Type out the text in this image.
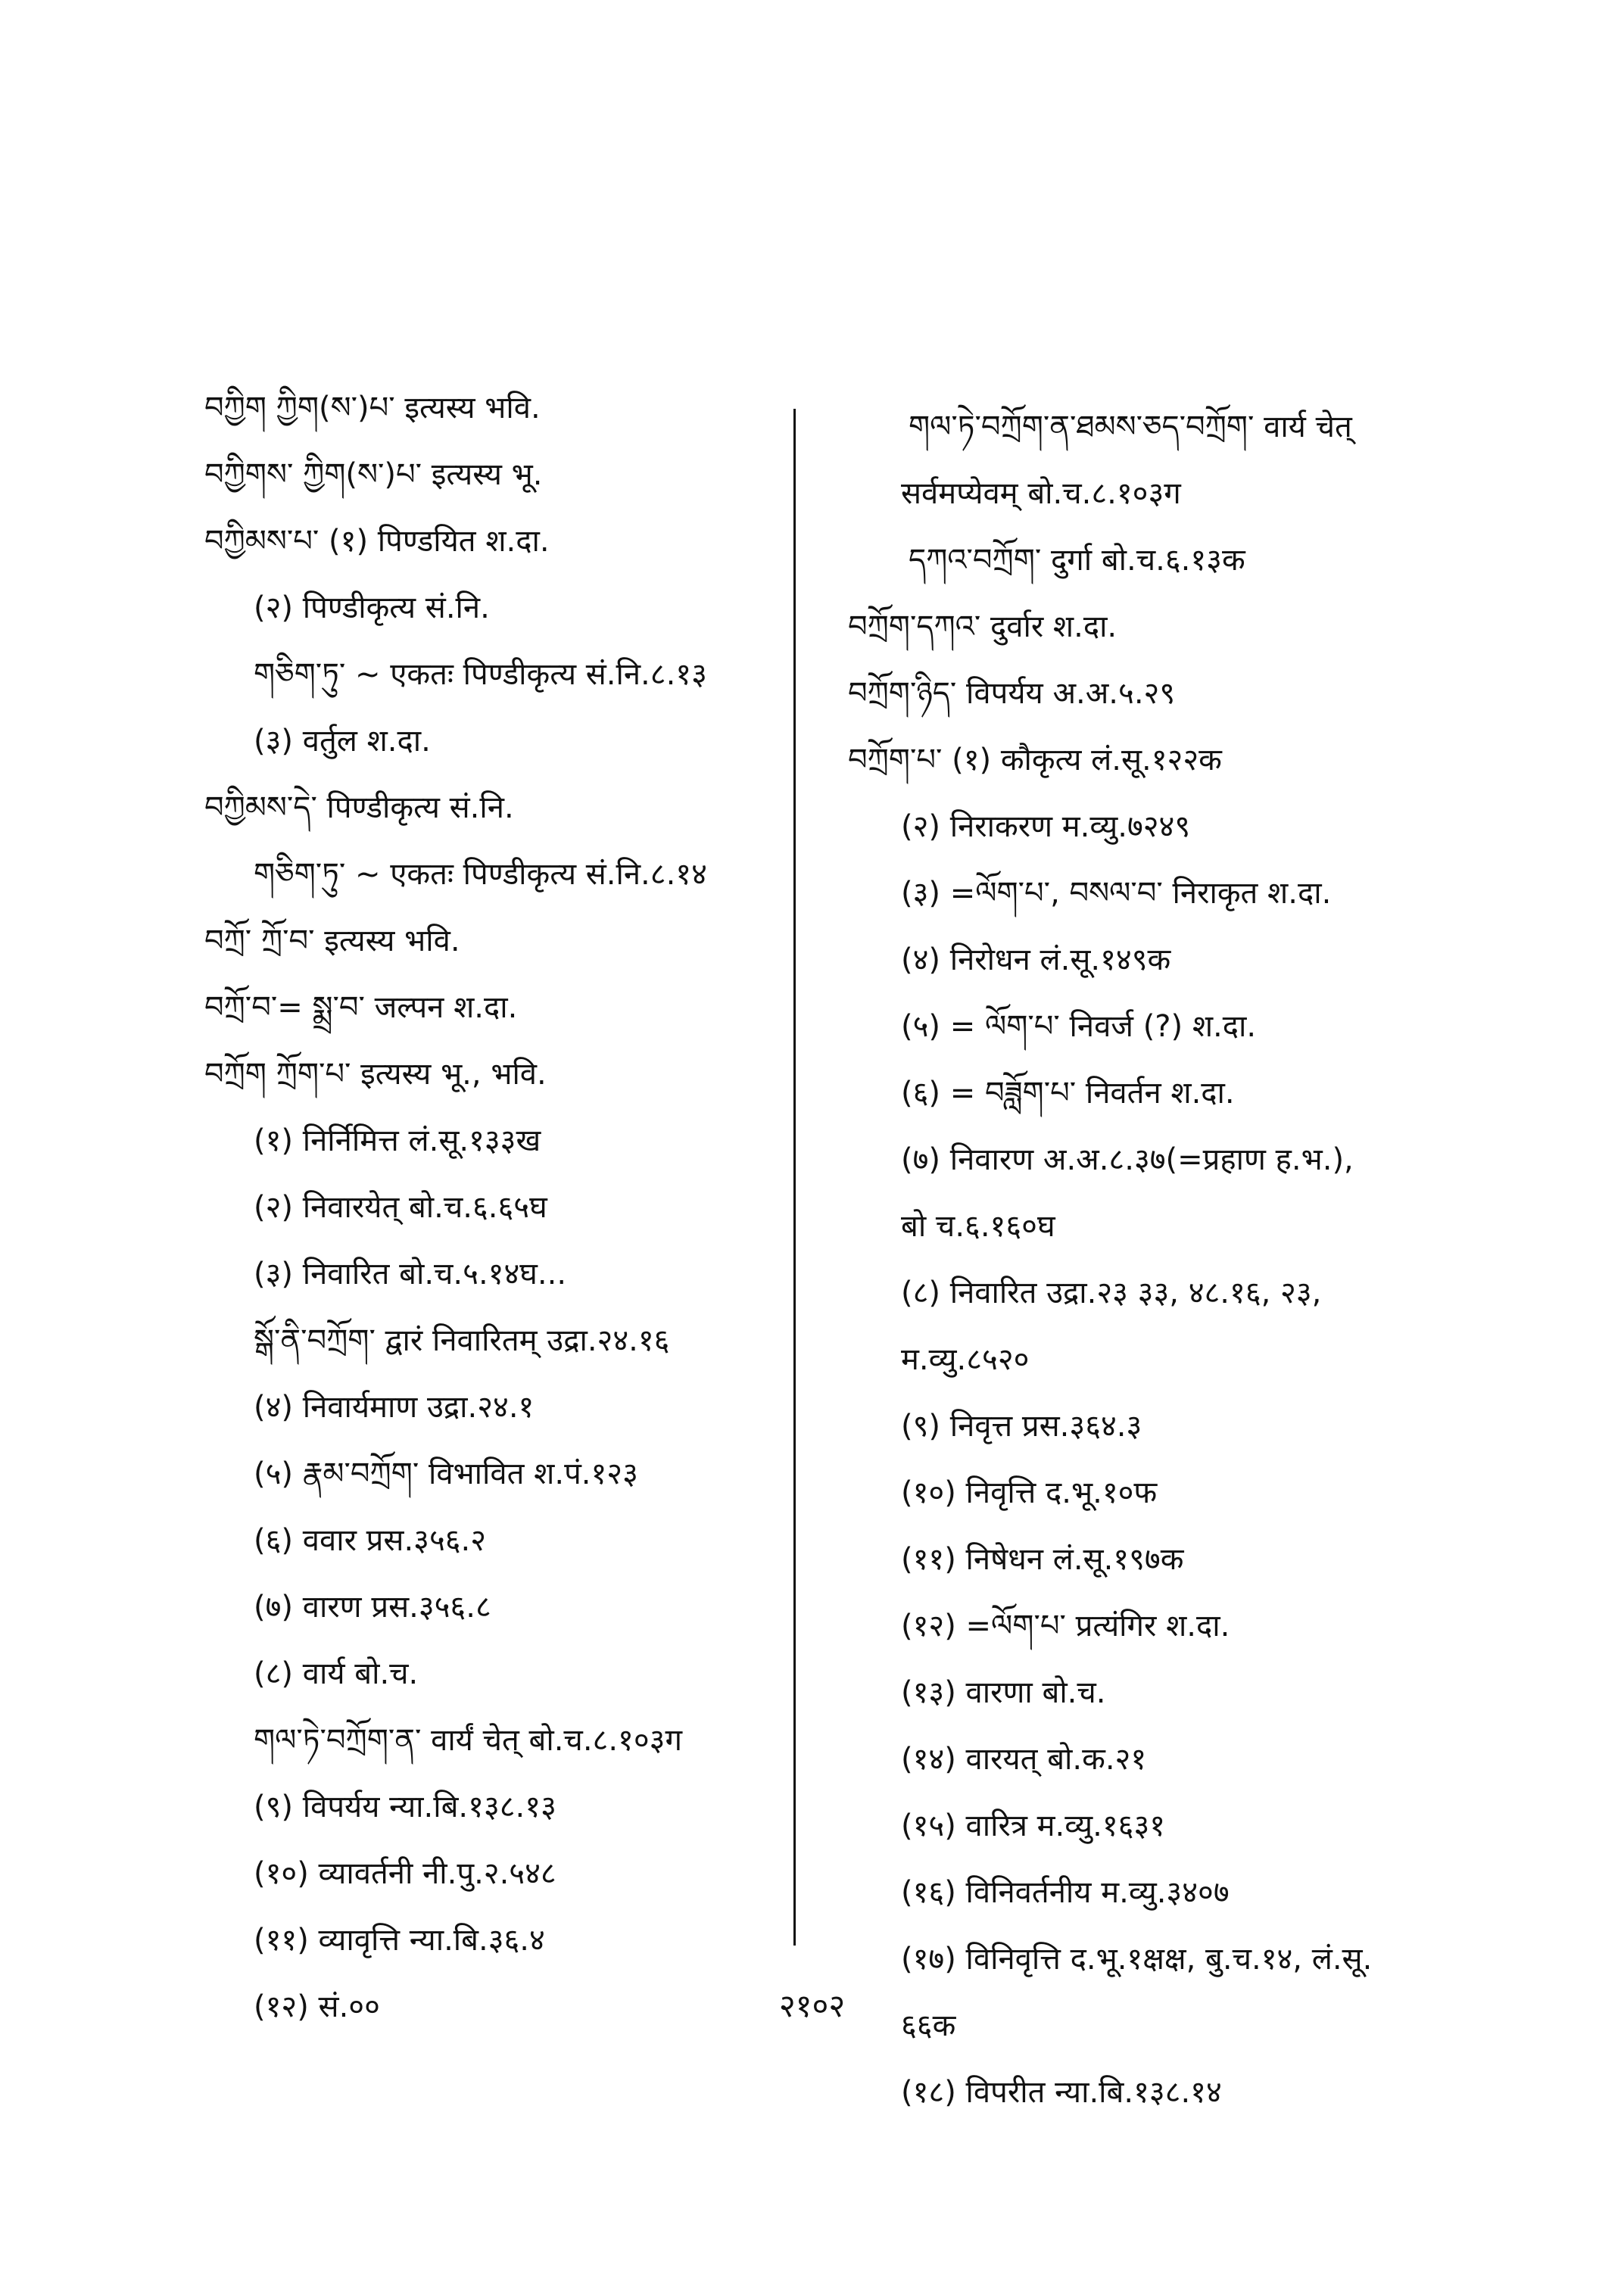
བཀྱིག ཀྱིག(ས་)པ་ इत्यस्य भवि.
བཀྱིགས་ ཀྱིག(ས་)པ་ इत्यस्य भू.
བཀྱིམས་པ་ (१) पिण्डयित श.दा.
(२) पिण्डीकृत्य सं.नि.
གཅིག་ཏུ་ ~ एकतः पिण्डीकृत्य सं.नि.८.१३
(३) वर्तुल श.दा.
བཀྱིམས་དེ་ पिण्डीकृत्य सं.नि.
གཅིག་ཏུ་ ~ एकतः पिण्डीकृत्य सं.नि.८.१४
བཀྲོ་ ཀྲོ་བ་ इत्यस्य भवि.
བཀྲོ་བ་= སྨྲ་བ་ जल्पन श.दा.
བཀྲོག ཀྲོག་པ་ इत्यस्य भू., भवि.
(१) निर्निमित्त लं.सू.१३३ख
(२) निवारयेत् बो.च.६.६५घ
(३) निवारित बो.च.५.१४घ...
སྒོ་ནི་བཀྲོག་ द्वारं निवारितम् उद्रा.२४.१६
(४) निवार्यमाण उद्रा.२४.१
(५) རྣམ་བཀྲོག་ विभावित श.पं.१२३
(६) ववार प्रस.३५६.२
(७) वारण प्रस.३५६.८
(८) वार्य बो.च.
གལ་ཏེ་བཀྲོག་ན་ वार्यं चेत् बो.च.८.१०३ग
(९) विपर्यय न्या.बि.१३८.१३
(१०) व्यावर्तनी नी.पु.२.५४८
(११) व्यावृत्ति न्या.बि.३६.४
(१२) सं.००
གལ་ཏེ་བཀྲོག་ན་ཐམས་ཅད་བཀྲོག་ वार्य चेत्
सर्वमप्येवम् बो.च.८.१०३ग
དཀའ་བཀྲོག་ दुर्गा बो.च.६.१३क
བཀྲོག་དཀའ་ दुर्वार श.दा.
བཀྲོག་ཉིད་ विपर्यय अ.अ.५.२९
བཀྲོག་པ་ (१) कौकृत्य लं.सू.१२२क
(२) निराकरण म.व्यु.७२४९
(३) =ལོག་པ་, བསལ་བ་ निराकृत श.दा.
(४) निरोधन लं.सू.१४९क
(५) = ལོག་པ་ निवर्ज (?) श.दा.
(६) = བཟློག་པ་ निवर्तन श.दा.
(७) निवारण अ.अ.८.३७(=प्रहाण ह.भ.),
बो च.६.१६०घ
(८) निवारित उद्रा.२३ ३३, ४८.१६, २३,
म.व्यु.८५२०
(९) निवृत्त प्रस.३६४.३
(१०) निवृत्ति द.भू.१०फ
(११) निषेधन लं.सू.१९७क
(१२) =ལོག་པ་ प्रत्यंगिर श.दा.
(१३) वारणा बो.च.
(१४) वारयत् बो.क.२१
(१५) वारित्र म.व्यु.१६३१
(१६) विनिवर्तनीय म.व्यु.३४०७
(१७) विनिवृत्ति द.भू.१क्षक्ष, बु.च.१४, लं.सू.
६६क
(१८) विपरीत न्या.बि.१३८.१४
२१०२
